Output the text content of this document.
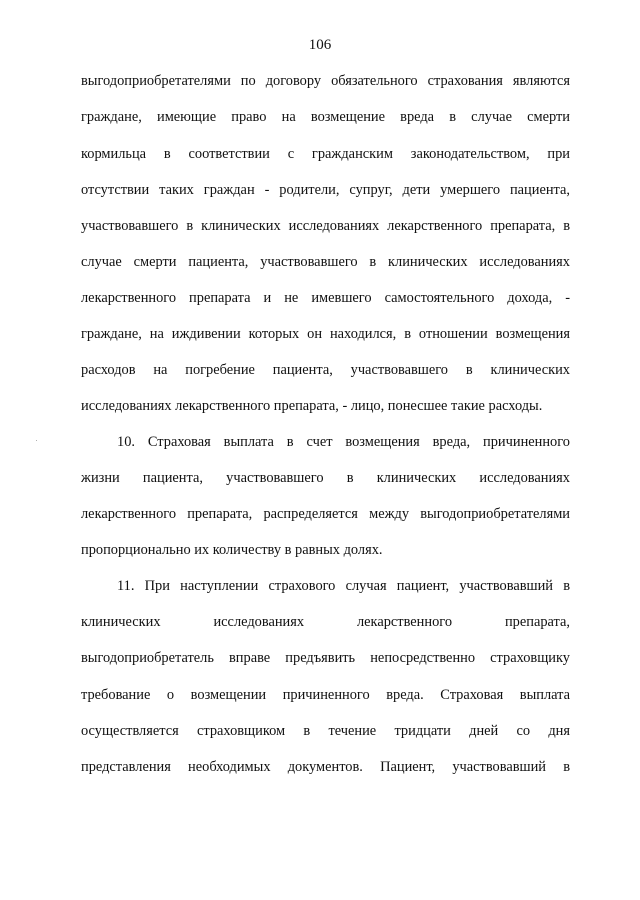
106
выгодоприобретателями по договору обязательного страхования являются
граждане, имеющие право на возмещение вреда в случае смерти
кормильца в соответствии с гражданским законодательством, при
отсутствии таких граждан - родители, супруг, дети умершего пациента,
участвовавшего в клинических исследованиях лекарственного препарата, в
случае смерти пациента, участвовавшего в клинических исследованиях
лекарственного препарата и не имевшего самостоятельного дохода, -
граждане, на иждивении которых он находился, в отношении возмещения
расходов на погребение пациента, участвовавшего в клинических
исследованиях лекарственного препарата, - лицо, понесшее такие расходы.
10. Страховая выплата в счет возмещения вреда, причиненного
жизни пациента, участвовавшего в клинических исследованиях
лекарственного препарата, распределяется между выгодоприобретателями
пропорционально их количеству в равных долях.
11. При наступлении страхового случая пациент, участвовавший в
клинических исследованиях лекарственного препарата,
выгодоприобретатель вправе предъявить непосредственно страховщику
требование о возмещении причиненного вреда. Страховая выплата
осуществляется страховщиком в течение тридцати дней со дня
представления необходимых документов. Пациент, участвовавший в
